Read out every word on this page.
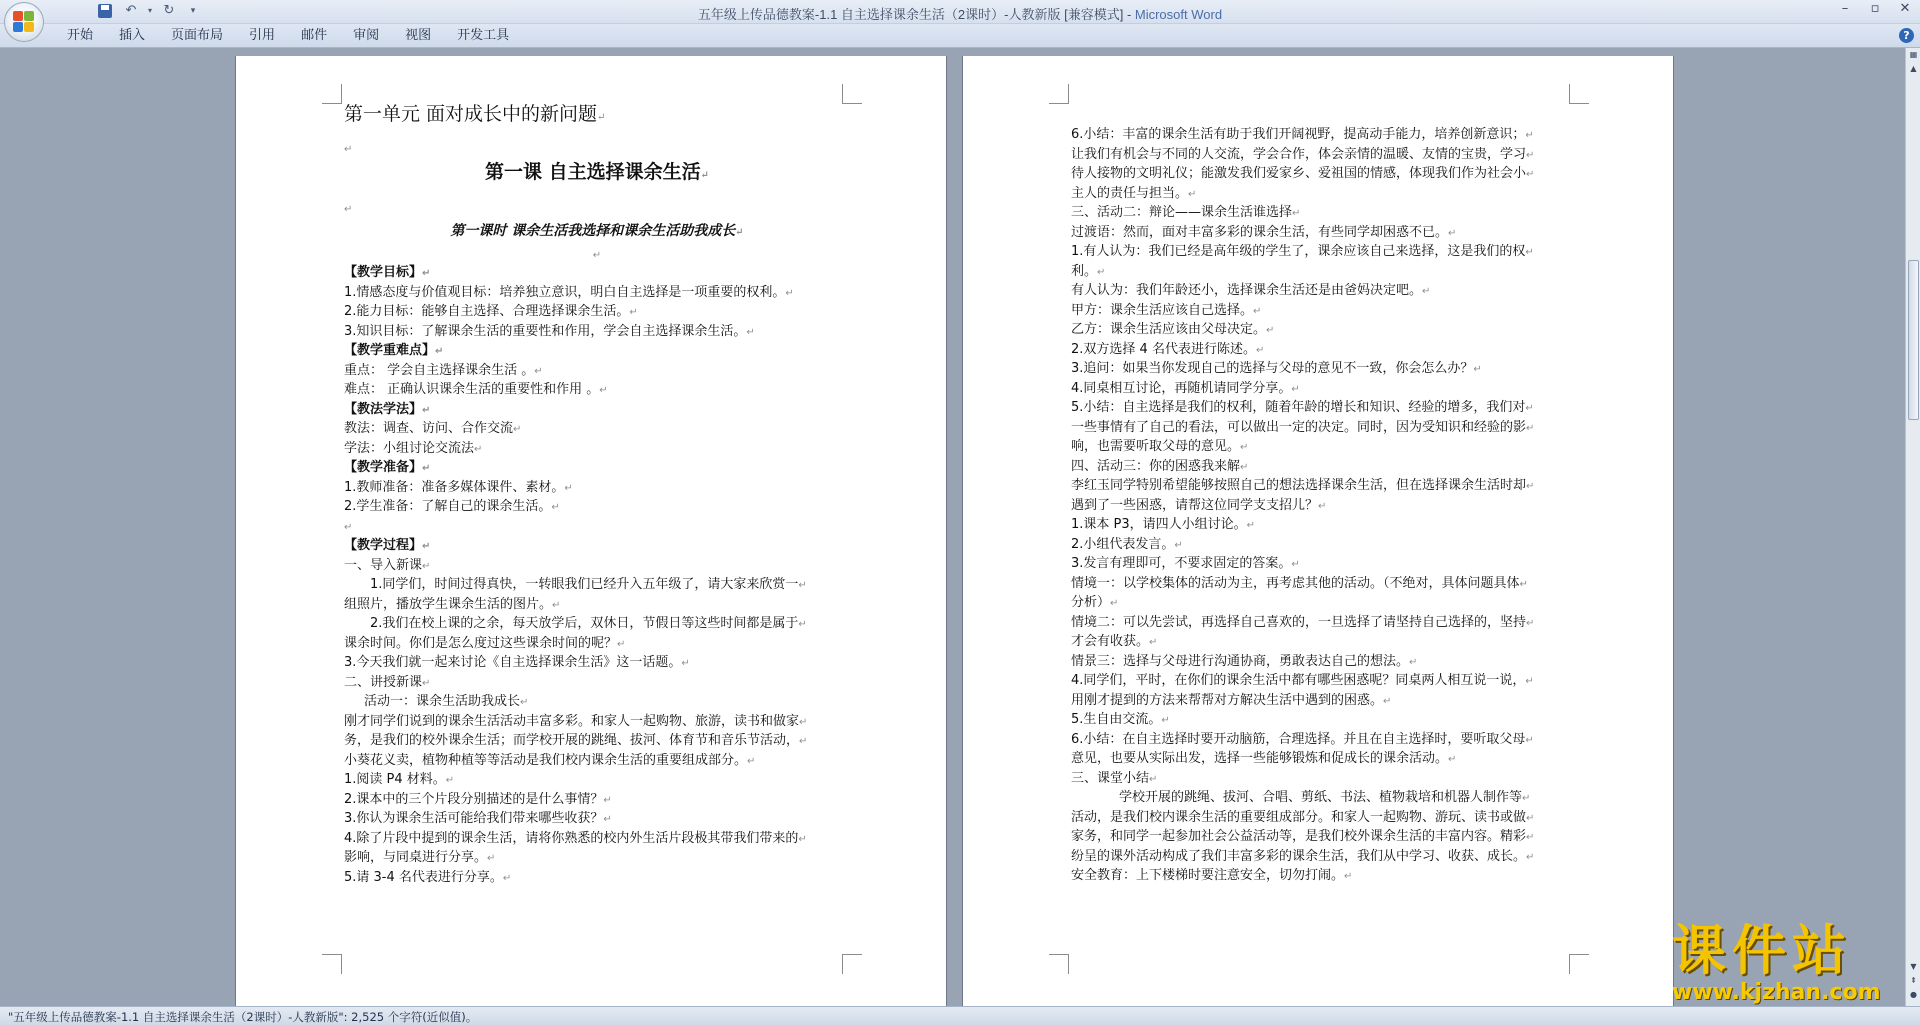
↶	▾ ↻	▾	五年级上传品德教案-1.1 自主选择课余生活（2课时）-人教新版 [兼容模式] - Microsoft Word	–	▫	✕
开始	插入	页面布局	引用	邮件	审阅	视图	开发工具	?
第一单元 面对成长中的新问题↵
↵
第一课 自主选择课余生活↵
↵
第一课时 课余生活我选择和课余生活助我成长↵
↵
【教学目标】↵
1.情感态度与价值观目标：培养独立意识，明白自主选择是一项重要的权利。↵
2.能力目标：能够自主选择、合理选择课余生活。↵
3.知识目标：了解课余生活的重要性和作用，学会自主选择课余生活。↵
【教学重难点】↵
重点： 学会自主选择课余生活 。↵
难点： 正确认识课余生活的重要性和作用 。↵
【教法学法】↵
教法：调查、访问、合作交流↵
学法：小组讨论交流法↵
【教学准备】↵
1.教师准备：准备多媒体课件、素材。↵
2.学生准备：了解自己的课余生活。↵
↵
【教学过程】↵
一、导入新课↵
1.同学们，时间过得真快，一转眼我们已经升入五年级了，请大家来欣赏一↵
组照片，播放学生课余生活的图片。↵
2.我们在校上课的之余，每天放学后，双休日，节假日等这些时间都是属于↵
课余时间。你们是怎么度过这些课余时间的呢？↵
3.今天我们就一起来讨论《自主选择课余生活》这一话题。↵
二、讲授新课↵
活动一：课余生活助我成长↵
刚才同学们说到的课余生活活动丰富多彩。和家人一起购物、旅游，读书和做家↵
务，是我们的校外课余生活；而学校开展的跳绳、拔河、体育节和音乐节活动，↵
小葵花义卖，植物种植等等活动是我们校内课余生活的重要组成部分。↵
1.阅读 P4 材料。↵
2.课本中的三个片段分别描述的是什么事情？↵
3.你认为课余生活可能给我们带来哪些收获？↵
4.除了片段中提到的课余生活，请将你熟悉的校内外生活片段极其带我们带来的↵
影响，与同桌进行分享。↵
5.请 3-4 名代表进行分享。↵
6.小结：丰富的课余生活有助于我们开阔视野，提高动手能力，培养创新意识；↵
让我们有机会与不同的人交流，学会合作，体会亲情的温暖、友情的宝贵，学习↵
待人接物的文明礼仪；能激发我们爱家乡、爱祖国的情感，体现我们作为社会小↵
主人的责任与担当。↵
三、活动二：辩论——课余生活谁选择↵
过渡语：然而，面对丰富多彩的课余生活，有些同学却困惑不已。↵
1.有人认为：我们已经是高年级的学生了，课余应该自己来选择，这是我们的权↵
利。↵
有人认为：我们年龄还小，选择课余生活还是由爸妈决定吧。↵
甲方：课余生活应该自己选择。↵
乙方：课余生活应该由父母决定。↵
2.双方选择 4 名代表进行陈述。↵
3.追问：如果当你发现自己的选择与父母的意见不一致，你会怎么办？↵
4.同桌相互讨论，再随机请同学分享。↵
5.小结：自主选择是我们的权利，随着年龄的增长和知识、经验的增多，我们对↵
一些事情有了自己的看法，可以做出一定的决定。同时，因为受知识和经验的影↵
响，也需要听取父母的意见。↵
四、活动三：你的困惑我来解↵
李红玉同学特别希望能够按照自己的想法选择课余生活，但在选择课余生活时却↵
遇到了一些困惑，请帮这位同学支支招儿？↵
1.课本 P3，请四人小组讨论。↵
2.小组代表发言。↵
3.发言有理即可，不要求固定的答案。↵
情境一：以学校集体的活动为主，再考虑其他的活动。（不绝对，具体问题具体↵
分析）↵
情境二：可以先尝试，再选择自己喜欢的，一旦选择了请坚持自己选择的，坚持↵
才会有收获。↵
情景三：选择与父母进行沟通协商，勇敢表达自己的想法。↵
4.同学们，平时，在你们的课余生活中都有哪些困惑呢？同桌两人相互说一说，↵
用刚才提到的方法来帮帮对方解决生活中遇到的困惑。↵
5.生自由交流。↵
6.小结：在自主选择时要开动脑筋，合理选择。并且在自主选择时，要听取父母↵
意见，也要从实际出发，选择一些能够锻炼和促成长的课余活动。↵
三、课堂小结↵
学校开展的跳绳、拔河、合唱、剪纸、书法、植物栽培和机器人制作等↵
活动，是我们校内课余生活的重要组成部分。和家人一起购物、游玩、读书或做↵
家务，和同学一起参加社会公益活动等，是我们校外课余生活的丰富内容。精彩↵
纷呈的课外活动构成了我们丰富多彩的课余生活，我们从中学习、收获、成长。↵
安全教育：上下楼梯时要注意安全，切勿打闹。↵
▦
▲
▼
⇞
●
"五年级上传品德教案-1.1 自主选择课余生活（2课时）-人教新版": 2,525 个字符(近似值)。
课件站
www.kjzhan.com
